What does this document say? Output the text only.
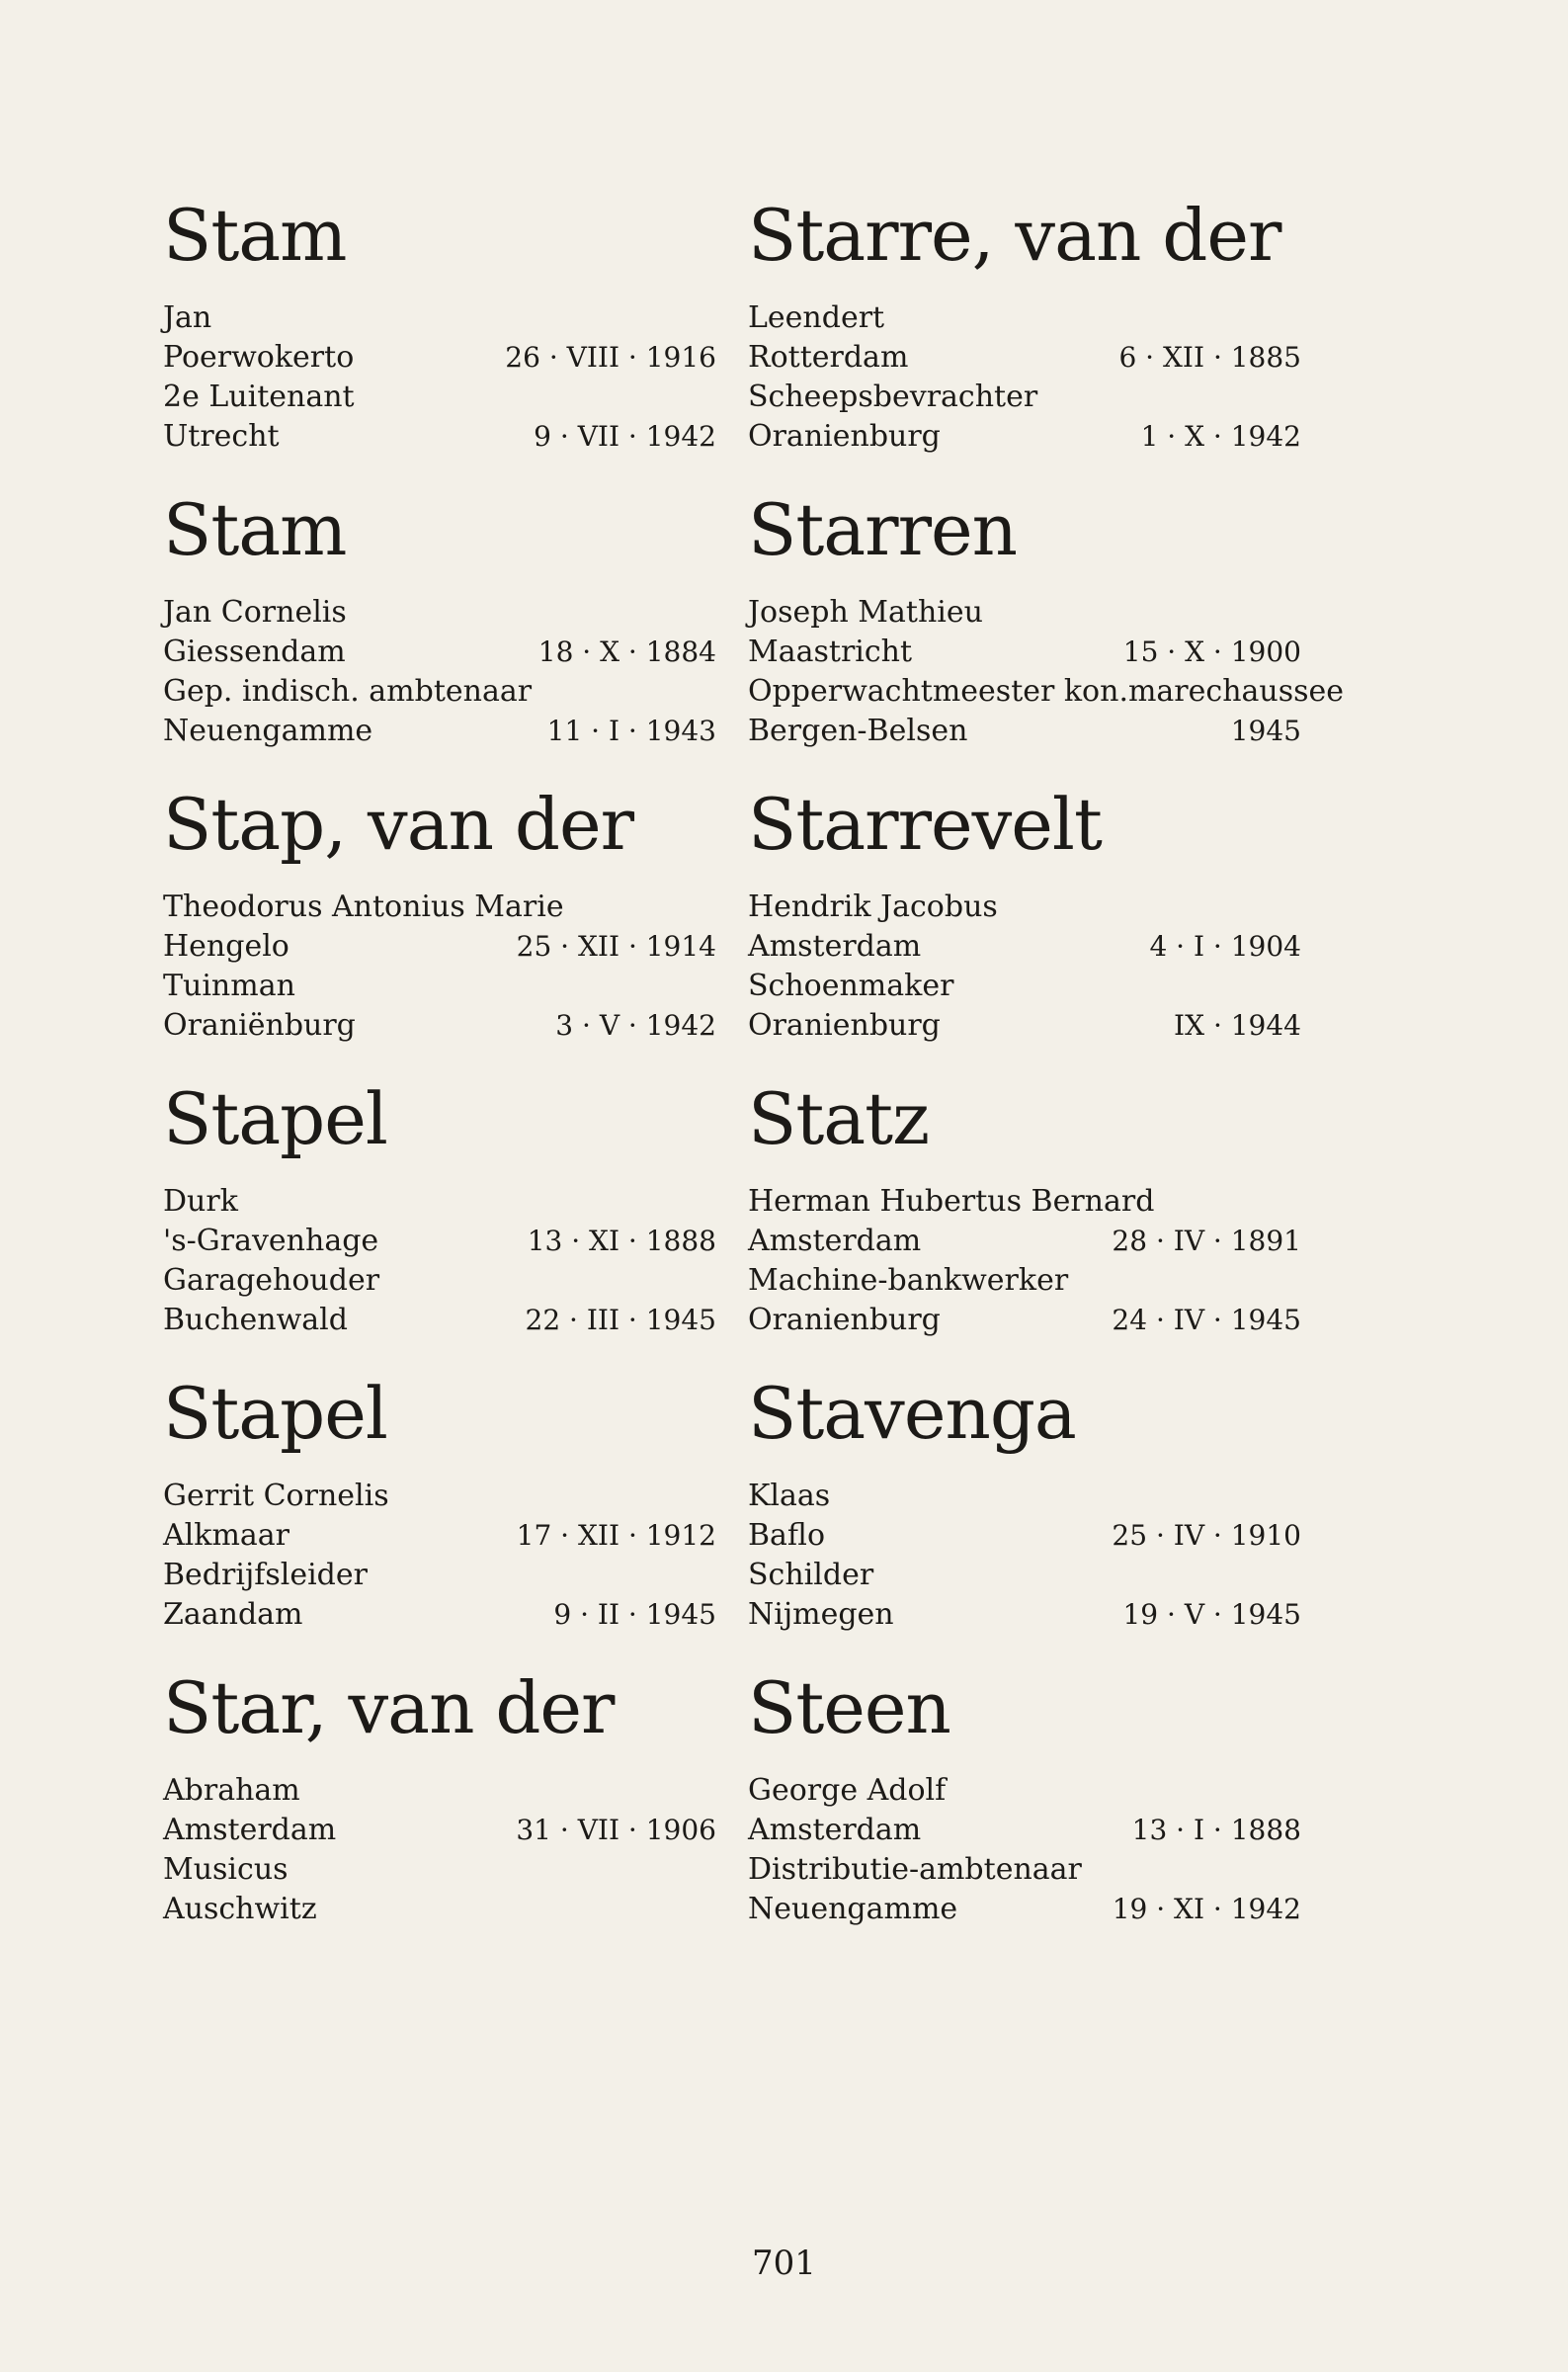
Stam
Jan
Poerwokerto	26 · VIII · 1916
2e Luitenant
Utrecht	9 · VII · 1942
Stam
Jan Cornelis
Giessendam	18 · X · 1884
Gep. indisch. ambtenaar
Neuengamme	11 · I · 1943
Stap, van der
Theodorus Antonius Marie
Hengelo	25 · XII · 1914
Tuinman
Oraniënburg	3 · V · 1942
Stapel
Durk
's-Gravenhage	13 · XI · 1888
Garagehouder
Buchenwald	22 · III · 1945
Stapel
Gerrit Cornelis
Alkmaar	17 · XII · 1912
Bedrijfsleider
Zaandam	9 · II · 1945
Star, van der
Abraham
Amsterdam	31 · VII · 1906
Musicus
Auschwitz
Starre, van der
Leendert
Rotterdam	6 · XII · 1885
Scheepsbevrachter
Oranienburg	1 · X · 1942
Starren
Joseph Mathieu
Maastricht	15 · X · 1900
Opperwachtmeester kon.marechaussee
Bergen-Belsen	1945
Starrevelt
Hendrik Jacobus
Amsterdam	4 · I · 1904
Schoenmaker
Oranienburg	IX · 1944
Statz
Herman Hubertus Bernard
Amsterdam	28 · IV · 1891
Machine-bankwerker
Oranienburg	24 · IV · 1945
Stavenga
Klaas
Baflo	25 · IV · 1910
Schilder
Nijmegen	19 · V · 1945
Steen
George Adolf
Amsterdam	13 · I · 1888
Distributie-ambtenaar
Neuengamme	19 · XI · 1942
701
